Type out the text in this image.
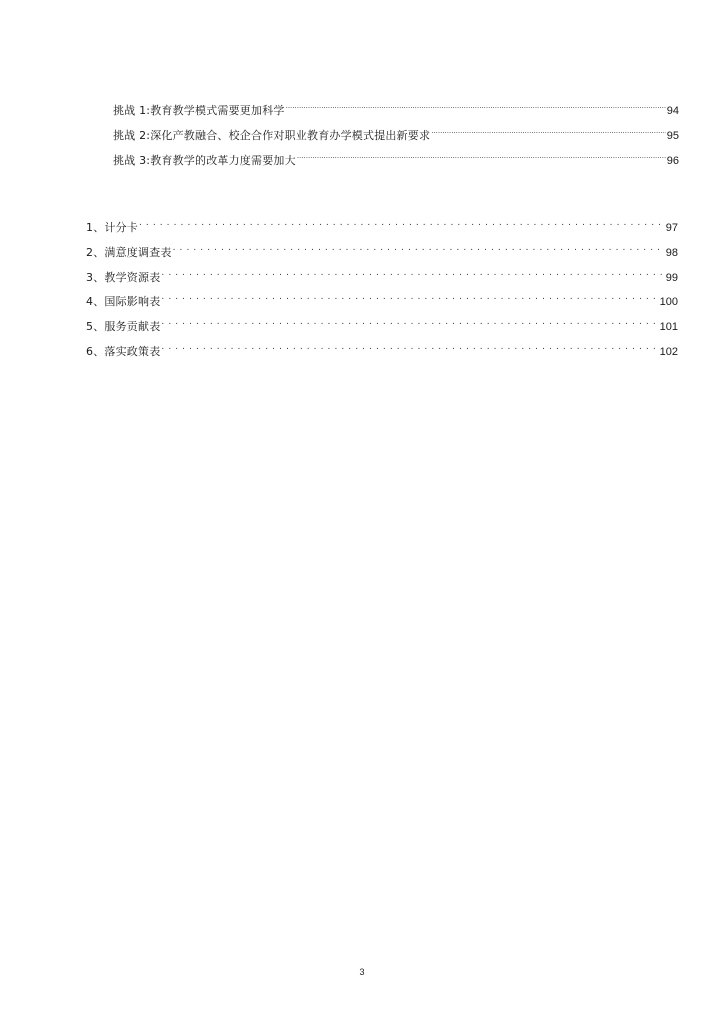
挑战 1:教育教学模式需要更加科学 .....	94
挑战 2:深化产教融合、校企合作对职业教育办学模式提出新要求 .....	95
挑战 3:教育教学的改革力度需要加大 .....	96
1、计分卡 . . .	97
2、满意度调查表 . . .	98
3、教学资源表 . . .	99
4、国际影响表 . . .	100
5、服务贡献表 . . .	101
6、落实政策表 . . .	102
3
